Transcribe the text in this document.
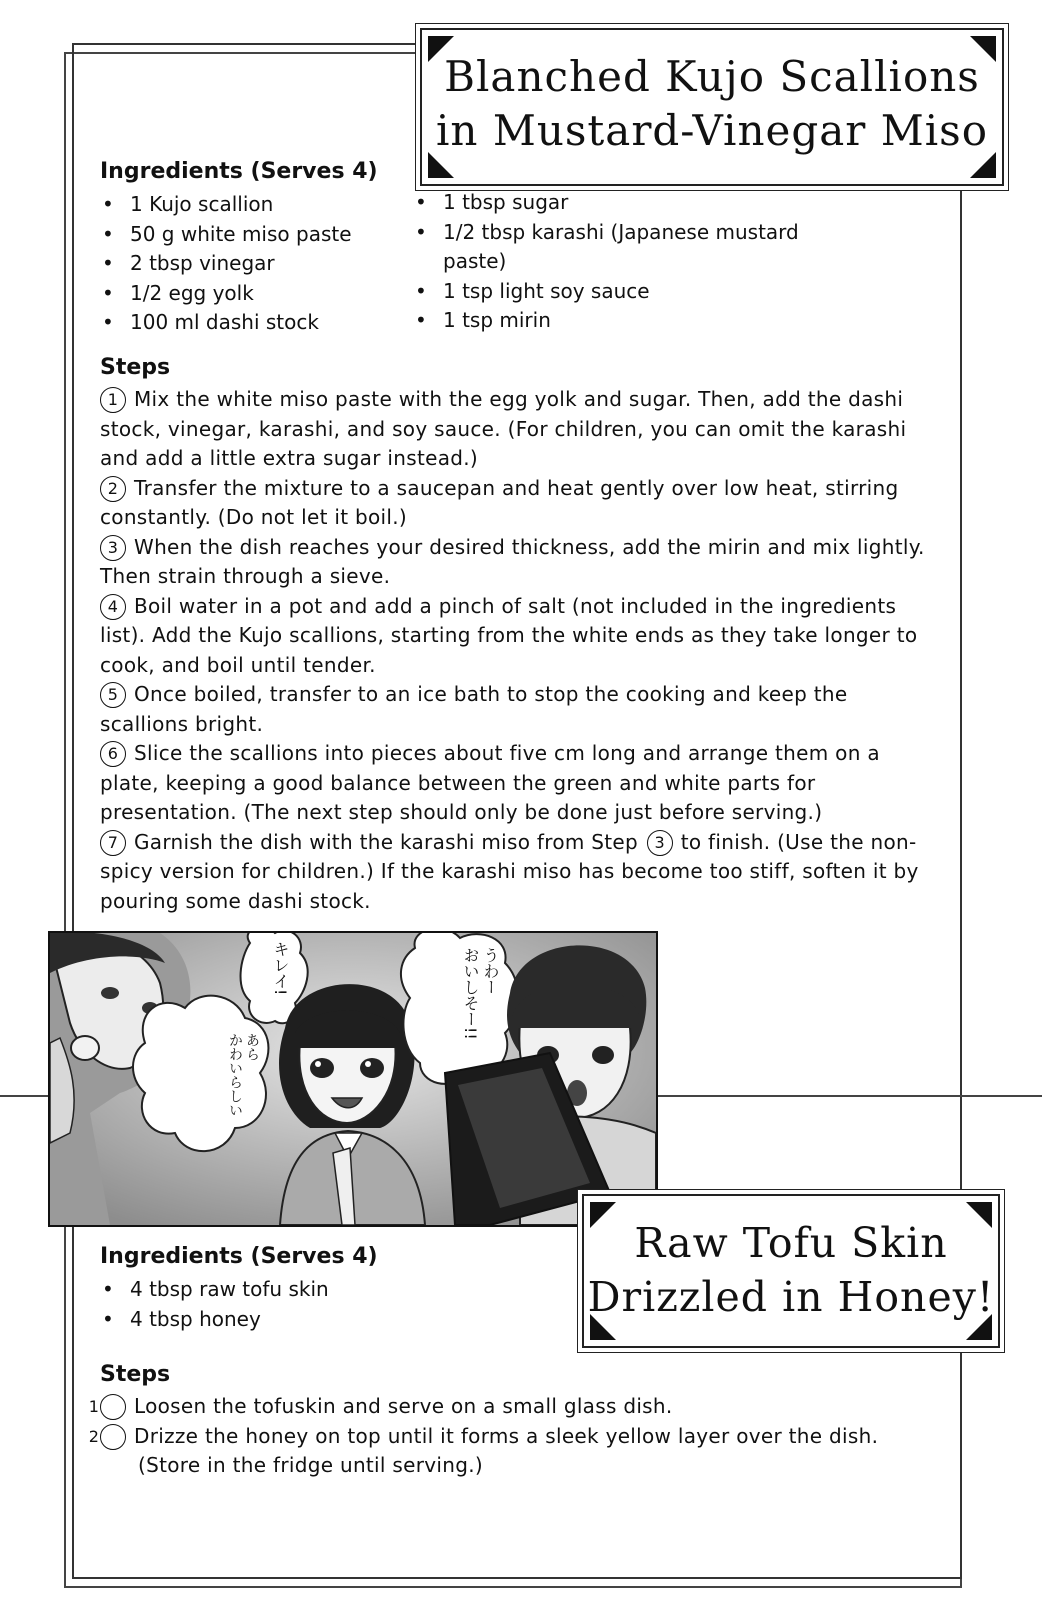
Blanched Kujo Scallions
in Mustard-Vinegar Miso
Ingredients (Serves 4)
• 1 Kujo scallion
• 50 g white miso paste
• 2 tbsp vinegar
• 1/2 egg yolk
• 100 ml dashi stock
• 1 tbsp sugar
• 1/2 tbsp karashi (Japanese mustard paste)
• 1 tsp light soy sauce
• 1 tsp mirin
Steps

1 Mix the white miso paste with the egg yolk and sugar. Then, add the dashi stock, vinegar, karashi, and soy sauce. (For children, you can omit the karashi and add a little extra sugar instead.)

2 Transfer the mixture to a saucepan and heat gently over low heat, stirring constantly. (Do not let it boil.)

3 When the dish reaches your desired thickness, add the mirin and mix lightly. Then strain through a sieve.

4 Boil water in a pot and add a pinch of salt (not included in the ingredients list). Add the Kujo scallions, starting from the white ends as they take longer to cook, and boil until tender.

5 Once boiled, transfer to an ice bath to stop the cooking and keep the scallions bright.

6 Slice the scallions into pieces about five cm long and arrange them on a plate, keeping a good balance between the green and white parts for presentation. (The next step should only be done just before serving.)

7 Garnish the dish with the karashi miso from Step 3 to finish. (Use the non-spicy version for children.) If the karashi miso has become too stiff, soften it by pouring some dashi stock.

あら
かわいらしい
キレイ!	うわー
おいしそー!!
Raw Tofu Skin
Drizzled in Honey!
Ingredients (Serves 4)
• 4 tbsp raw tofu skin
• 4 tbsp honey
Steps

1 Loosen the tofuskin and serve on a small glass dish.

2 Drizze the honey on top until it forms a sleek yellow layer over the dish. (Store in the fridge until serving.)
